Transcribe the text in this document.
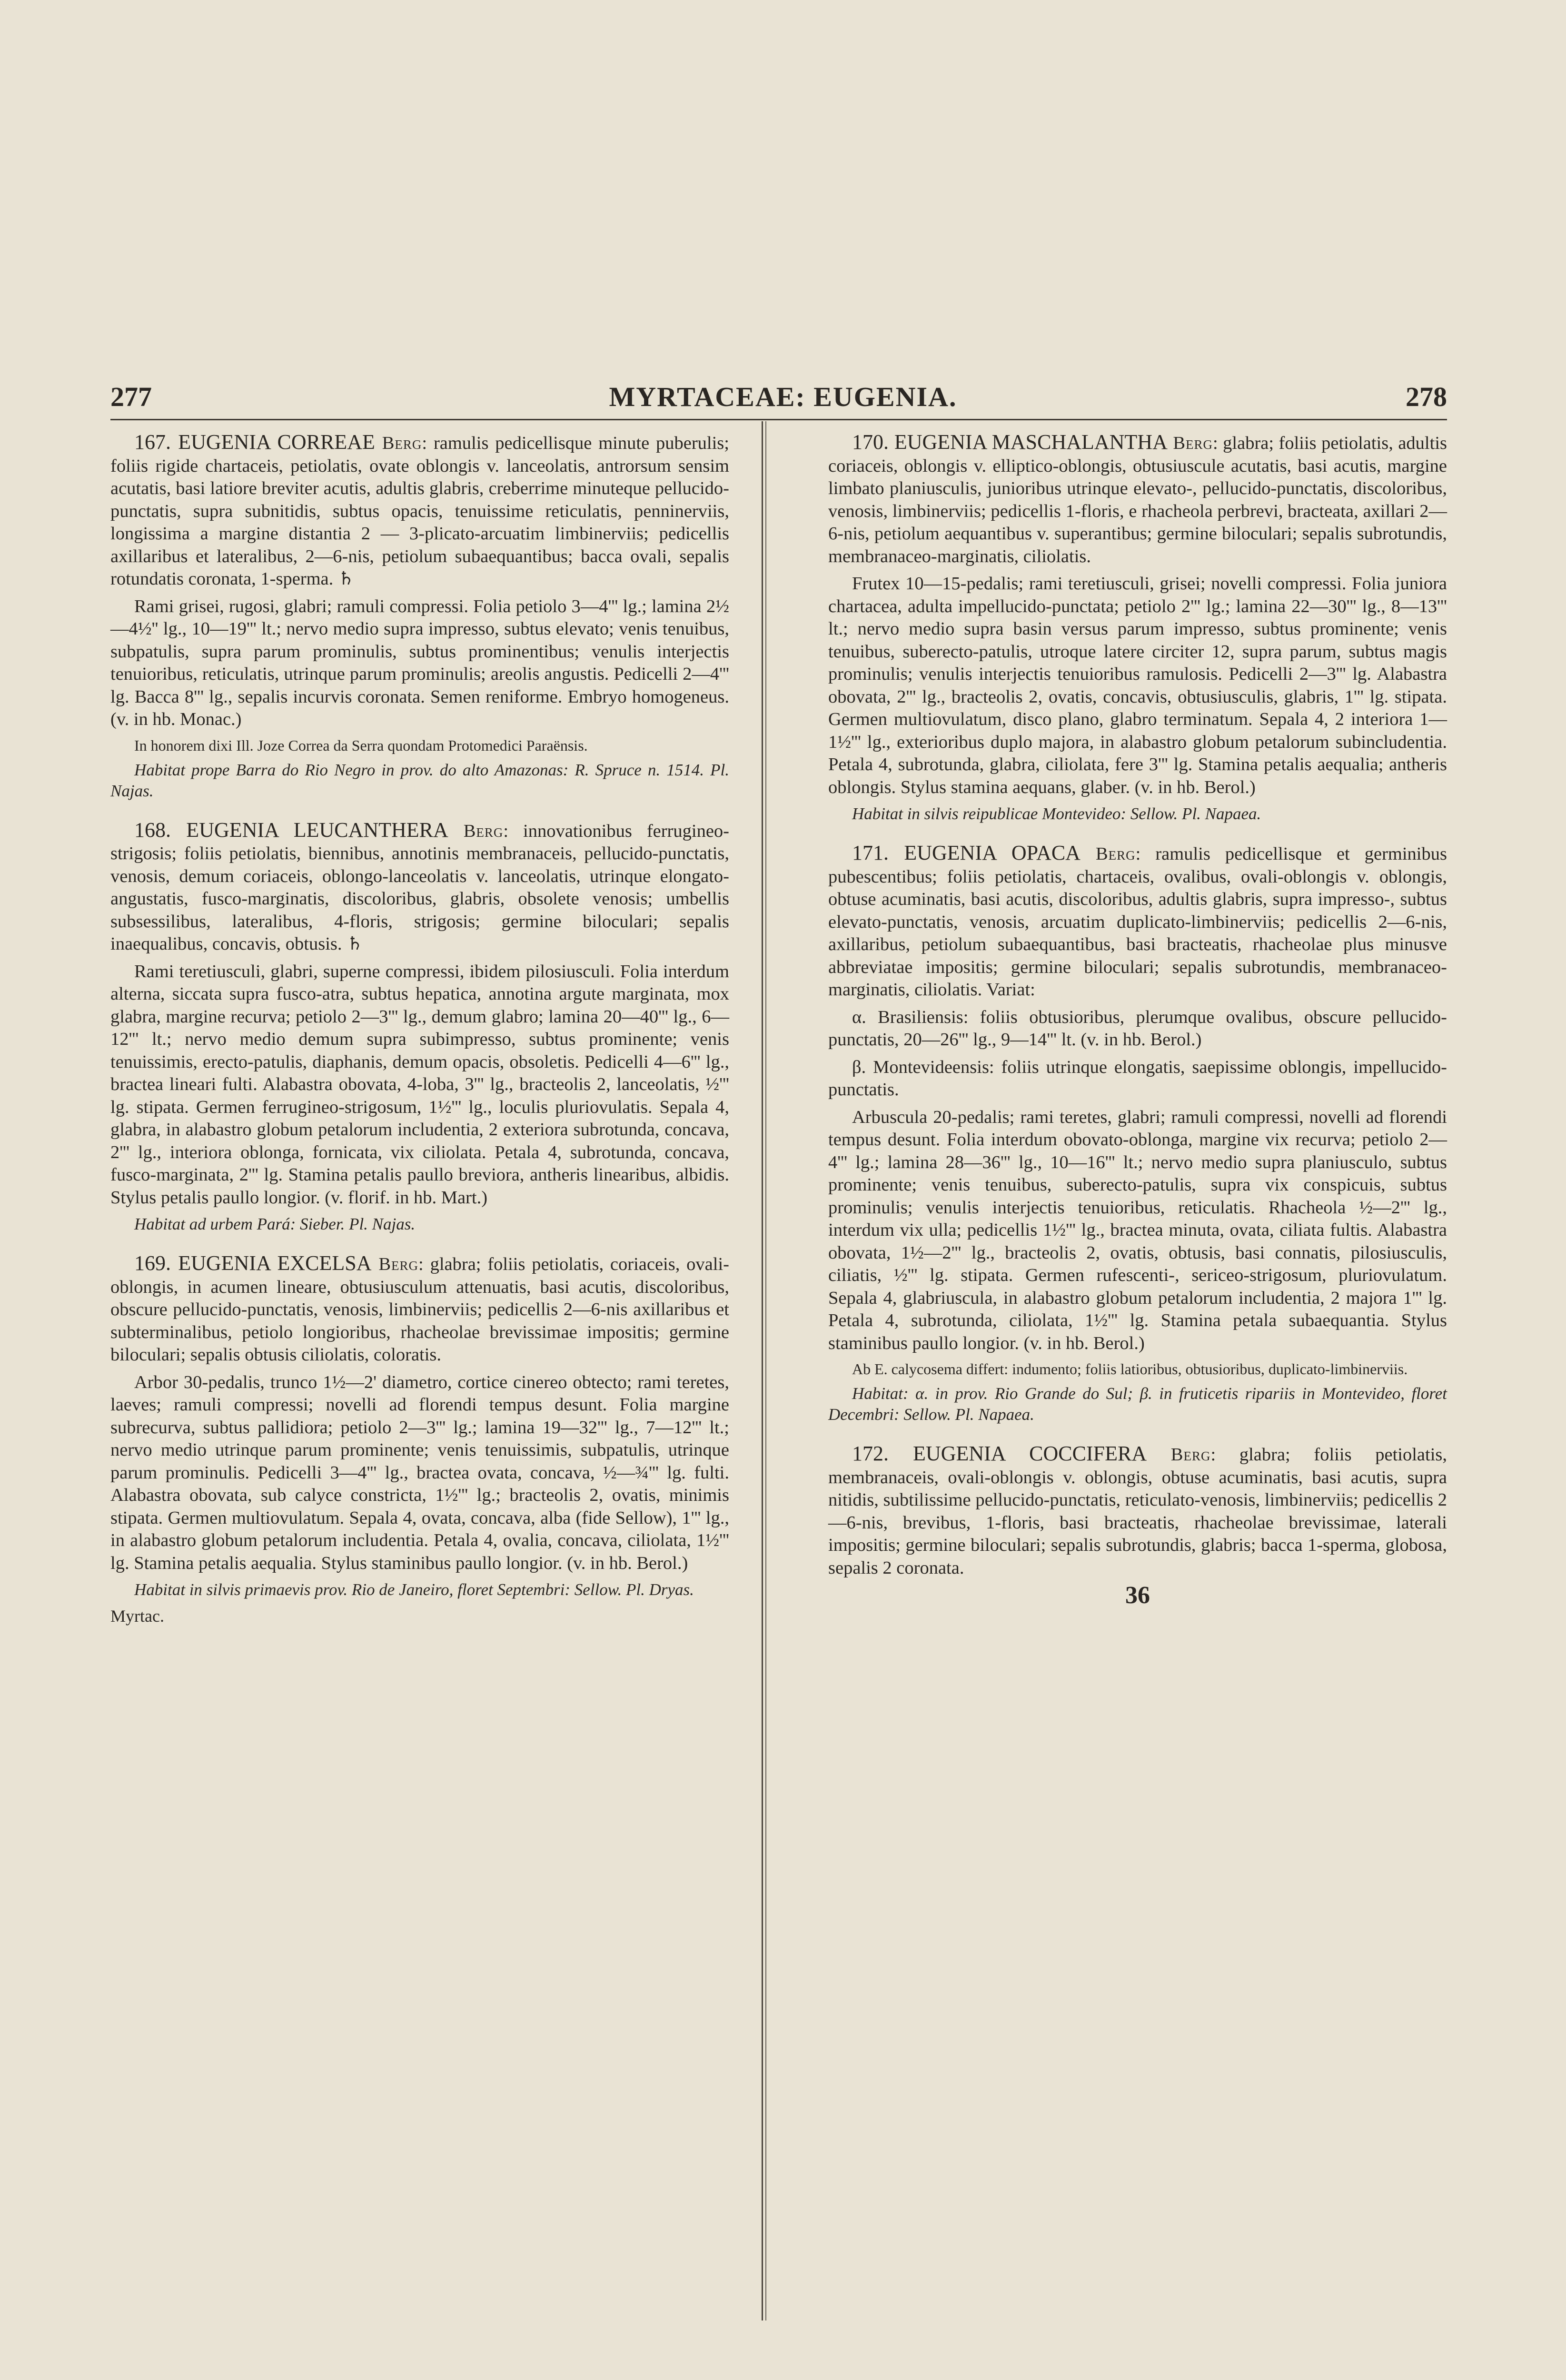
277	MYRTACEAE: EUGENIA.	278

167. EUGENIA CORREAE Berg: ramulis pedicellisque minute puberulis; foliis rigide chartaceis, petiolatis, ovate oblongis v. lanceolatis, antrorsum sensim acutatis, basi latiore breviter acutis, adultis glabris, creberrime minuteque pellucido-punctatis, supra subnitidis, subtus opacis, tenuissime reticulatis, penninerviis, longissima a margine distantia 2 — 3-plicato-arcuatim limbinerviis; pedicellis axillaribus et lateralibus, 2—6-nis, petiolum subaequantibus; bacca ovali, sepalis rotundatis coronata, 1-sperma. ♄

Rami grisei, rugosi, glabri; ramuli compressi. Folia petiolo 3—4''' lg.; lamina 2½—4½'' lg., 10—19''' lt.; nervo medio supra impresso, subtus elevato; venis tenuibus, subpatulis, supra parum prominulis, subtus prominentibus; venulis interjectis tenuioribus, reticulatis, utrinque parum prominulis; areolis angustis. Pedicelli 2—4''' lg. Bacca 8''' lg., sepalis incurvis coronata. Semen reniforme. Embryo homogeneus. (v. in hb. Monac.)

In honorem dixi Ill. Joze Correa da Serra quondam Protomedici Paraënsis.

Habitat prope Barra do Rio Negro in prov. do alto Amazonas: R. Spruce n. 1514. Pl. Najas.

168. EUGENIA LEUCANTHERA Berg: innovationibus ferrugineo-strigosis; foliis petiolatis, biennibus, annotinis membranaceis, pellucido-punctatis, venosis, demum coriaceis, oblongo-lanceolatis v. lanceolatis, utrinque elongato-angustatis, fusco-marginatis, discoloribus, glabris, obsolete venosis; umbellis subsessilibus, lateralibus, 4-floris, strigosis; germine biloculari; sepalis inaequalibus, concavis, obtusis. ♄

Rami teretiusculi, glabri, superne compressi, ibidem pilosiusculi. Folia interdum alterna, siccata supra fusco-atra, subtus hepatica, annotina argute marginata, mox glabra, margine recurva; petiolo 2—3''' lg., demum glabro; lamina 20—40''' lg., 6—12''' lt.; nervo medio demum supra subimpresso, subtus prominente; venis tenuissimis, erecto-patulis, diaphanis, demum opacis, obsoletis. Pedicelli 4—6''' lg., bractea lineari fulti. Alabastra obovata, 4-loba, 3''' lg., bracteolis 2, lanceolatis, ½''' lg. stipata. Germen ferrugineo-strigosum, 1½''' lg., loculis pluriovulatis. Sepala 4, glabra, in alabastro globum petalorum includentia, 2 exteriora subrotunda, concava, 2''' lg., interiora oblonga, fornicata, vix ciliolata. Petala 4, subrotunda, concava, fusco-marginata, 2''' lg. Stamina petalis paullo breviora, antheris linearibus, albidis. Stylus petalis paullo longior. (v. florif. in hb. Mart.)

Habitat ad urbem Pará: Sieber. Pl. Najas.

169. EUGENIA EXCELSA Berg: glabra; foliis petiolatis, coriaceis, ovali-oblongis, in acumen lineare, obtusiusculum attenuatis, basi acutis, discoloribus, obscure pellucido-punctatis, venosis, limbinerviis; pedicellis 2—6-nis axillaribus et subterminalibus, petiolo longioribus, rhacheolae brevissimae impositis; germine biloculari; sepalis obtusis ciliolatis, coloratis.

Arbor 30-pedalis, trunco 1½—2' diametro, cortice cinereo obtecto; rami teretes, laeves; ramuli compressi; novelli ad florendi tempus desunt. Folia margine subrecurva, subtus pallidiora; petiolo 2—3''' lg.; lamina 19—32''' lg., 7—12''' lt.; nervo medio utrinque parum prominente; venis tenuissimis, subpatulis, utrinque parum prominulis. Pedicelli 3—4''' lg., bractea ovata, concava, ½—¾''' lg. fulti. Alabastra obovata, sub calyce constricta, 1½''' lg.; bracteolis 2, ovatis, minimis stipata. Germen multiovulatum. Sepala 4, ovata, concava, alba (fide Sellow), 1''' lg., in alabastro globum petalorum includentia. Petala 4, ovalia, concava, ciliolata, 1½''' lg. Stamina petalis aequalia. Stylus staminibus paullo longior. (v. in hb. Berol.)

Habitat in silvis primaevis prov. Rio de Janeiro, floret Septembri: Sellow. Pl. Dryas.

Myrtac.

170. EUGENIA MASCHALANTHA Berg: glabra; foliis petiolatis, adultis coriaceis, oblongis v. elliptico-oblongis, obtusiuscule acutatis, basi acutis, margine limbato planiusculis, junioribus utrinque elevato-, pellucido-punctatis, discoloribus, venosis, limbinerviis; pedicellis 1-floris, e rhacheola perbrevi, bracteata, axillari 2—6-nis, petiolum aequantibus v. superantibus; germine biloculari; sepalis subrotundis, membranaceo-marginatis, ciliolatis.

Frutex 10—15-pedalis; rami teretiusculi, grisei; novelli compressi. Folia juniora chartacea, adulta impellucido-punctata; petiolo 2''' lg.; lamina 22—30''' lg., 8—13''' lt.; nervo medio supra basin versus parum impresso, subtus prominente; venis tenuibus, suberecto-patulis, utroque latere circiter 12, supra parum, subtus magis prominulis; venulis interjectis tenuioribus ramulosis. Pedicelli 2—3''' lg. Alabastra obovata, 2''' lg., bracteolis 2, ovatis, concavis, obtusiusculis, glabris, 1''' lg. stipata. Germen multiovulatum, disco plano, glabro terminatum. Sepala 4, 2 interiora 1—1½''' lg., exterioribus duplo majora, in alabastro globum petalorum subincludentia. Petala 4, subrotunda, glabra, ciliolata, fere 3''' lg. Stamina petalis aequalia; antheris oblongis. Stylus stamina aequans, glaber. (v. in hb. Berol.)

Habitat in silvis reipublicae Montevideo: Sellow. Pl. Napaea.

171. EUGENIA OPACA Berg: ramulis pedicellisque et germinibus pubescentibus; foliis petiolatis, chartaceis, ovalibus, ovali-oblongis v. oblongis, obtuse acuminatis, basi acutis, discoloribus, adultis glabris, supra impresso-, subtus elevato-punctatis, venosis, arcuatim duplicato-limbinerviis; pedicellis 2—6-nis, axillaribus, petiolum subaequantibus, basi bracteatis, rhacheolae plus minusve abbreviatae impositis; germine biloculari; sepalis subrotundis, membranaceo-marginatis, ciliolatis. Variat:

α. Brasiliensis: foliis obtusioribus, plerumque ovalibus, obscure pellucido-punctatis, 20—26''' lg., 9—14''' lt. (v. in hb. Berol.)

β. Montevideensis: foliis utrinque elongatis, saepissime oblongis, impellucido-punctatis.

Arbuscula 20-pedalis; rami teretes, glabri; ramuli compressi, novelli ad florendi tempus desunt. Folia interdum obovato-oblonga, margine vix recurva; petiolo 2—4''' lg.; lamina 28—36''' lg., 10—16''' lt.; nervo medio supra planiusculo, subtus prominente; venis tenuibus, suberecto-patulis, supra vix conspicuis, subtus prominulis; venulis interjectis tenuioribus, reticulatis. Rhacheola ½—2''' lg., interdum vix ulla; pedicellis 1½''' lg., bractea minuta, ovata, ciliata fultis. Alabastra obovata, 1½—2''' lg., bracteolis 2, ovatis, obtusis, basi connatis, pilosiusculis, ciliatis, ½''' lg. stipata. Germen rufescenti-, sericeo-strigosum, pluriovulatum. Sepala 4, glabriuscula, in alabastro globum petalorum includentia, 2 majora 1''' lg. Petala 4, subrotunda, ciliolata, 1½''' lg. Stamina petala subaequantia. Stylus staminibus paullo longior. (v. in hb. Berol.)

Ab E. calycosema differt: indumento; foliis latioribus, obtusioribus, duplicato-limbinerviis.

Habitat: α. in prov. Rio Grande do Sul; β. in fruticetis ripariis in Montevideo, floret Decembri: Sellow. Pl. Napaea.

172. EUGENIA COCCIFERA Berg: glabra; foliis petiolatis, membranaceis, ovali-oblongis v. oblongis, obtuse acuminatis, basi acutis, supra nitidis, subtilissime pellucido-punctatis, reticulato-venosis, limbinerviis; pedicellis 2—6-nis, brevibus, 1-floris, basi bracteatis, rhacheolae brevissimae, laterali impositis; germine biloculari; sepalis subrotundis, glabris; bacca 1-sperma, globosa, sepalis 2 coronata.

36
